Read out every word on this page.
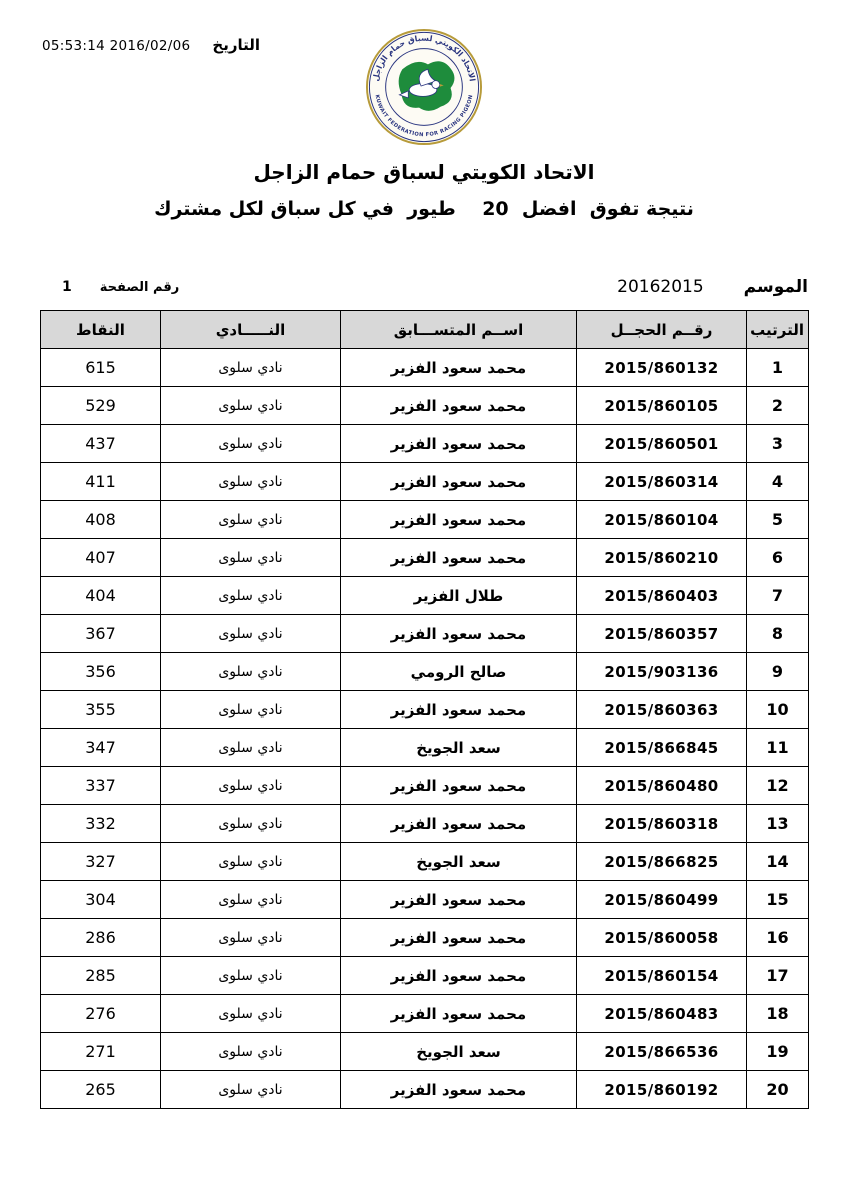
التاريخ
05:53:14 2016/02/06
الاتحاد الكويتي لسباق حمام الزاجل
KUWAIT FEDERATION FOR RACING PIGEON
الاتحاد الكويتي لسباق حمام الزاجل
نتيجة تفوق  افضل  20    طيور  في كل سباق لكل مشترك
الموسم
20162015
رقم الصفحة
1
الترتيب	رقــم الحجــل	اســم المتســـابق	النـــــادي	النقاط
1	2015/860132	محمد سعود الفزير	نادي سلوى	615
2	2015/860105	محمد سعود الفزير	نادي سلوى	529
3	2015/860501	محمد سعود الفزير	نادي سلوى	437
4	2015/860314	محمد سعود الفزير	نادي سلوى	411
5	2015/860104	محمد سعود الفزير	نادي سلوى	408
6	2015/860210	محمد سعود الفزير	نادي سلوى	407
7	2015/860403	طلال الفزير	نادي سلوى	404
8	2015/860357	محمد سعود الفزير	نادي سلوى	367
9	2015/903136	صالح الرومي	نادي سلوى	356
10	2015/860363	محمد سعود الفزير	نادي سلوى	355
11	2015/866845	سعد الجويخ	نادي سلوى	347
12	2015/860480	محمد سعود الفزير	نادي سلوى	337
13	2015/860318	محمد سعود الفزير	نادي سلوى	332
14	2015/866825	سعد الجويخ	نادي سلوى	327
15	2015/860499	محمد سعود الفزير	نادي سلوى	304
16	2015/860058	محمد سعود الفزير	نادي سلوى	286
17	2015/860154	محمد سعود الفزير	نادي سلوى	285
18	2015/860483	محمد سعود الفزير	نادي سلوى	276
19	2015/866536	سعد الجويخ	نادي سلوى	271
20	2015/860192	محمد سعود الفزير	نادي سلوى	265
